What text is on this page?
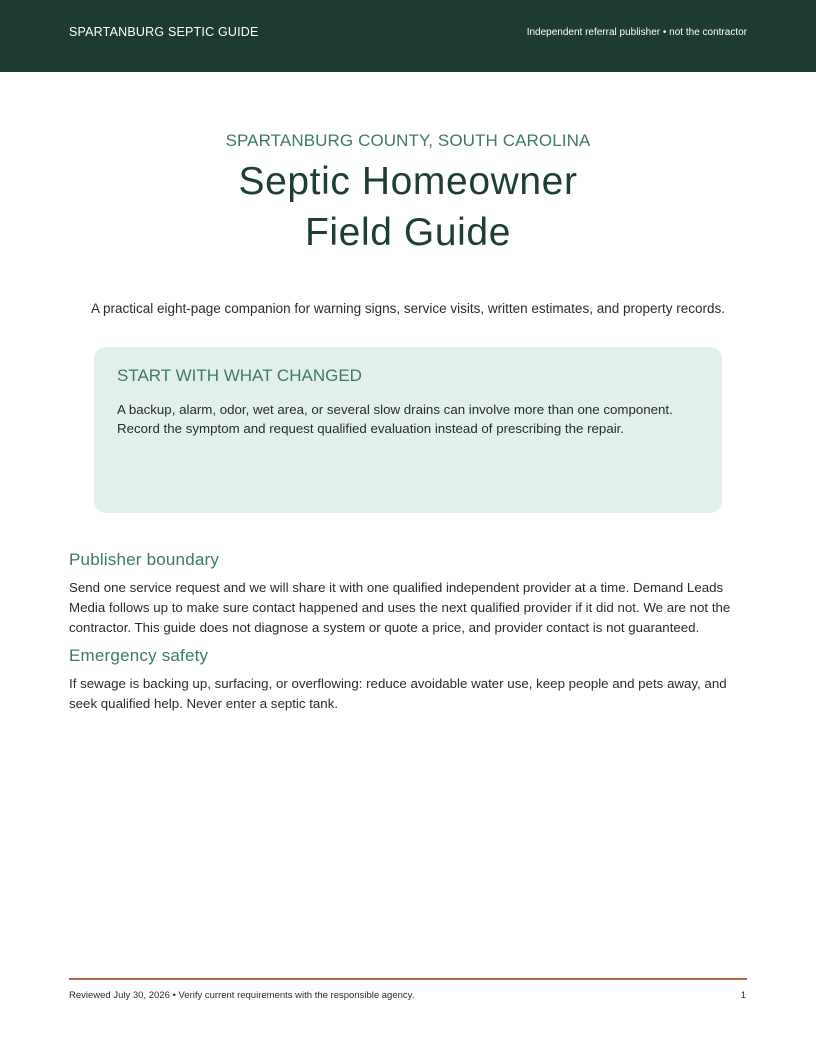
SPARTANBURG SEPTIC GUIDE	Independent referral publisher • not the contractor
SPARTANBURG COUNTY, SOUTH CAROLINA
Septic Homeowner
Field Guide
A practical eight-page companion for warning signs, service visits, written estimates, and property records.
START WITH WHAT CHANGED

A backup, alarm, odor, wet area, or several slow drains can involve more than one component. Record the symptom and request qualified evaluation instead of prescribing the repair.

Publisher boundary

Send one service request and we will share it with one qualified independent provider at a time. Demand Leads Media follows up to make sure contact happened and uses the next qualified provider if it did not. We are not the contractor. This guide does not diagnose a system or quote a price, and provider contact is not guaranteed.

Emergency safety

If sewage is backing up, surfacing, or overflowing: reduce avoidable water use, keep people and pets away, and seek qualified help. Never enter a septic tank.

Reviewed July 30, 2026 • Verify current requirements with the responsible agency.	1
